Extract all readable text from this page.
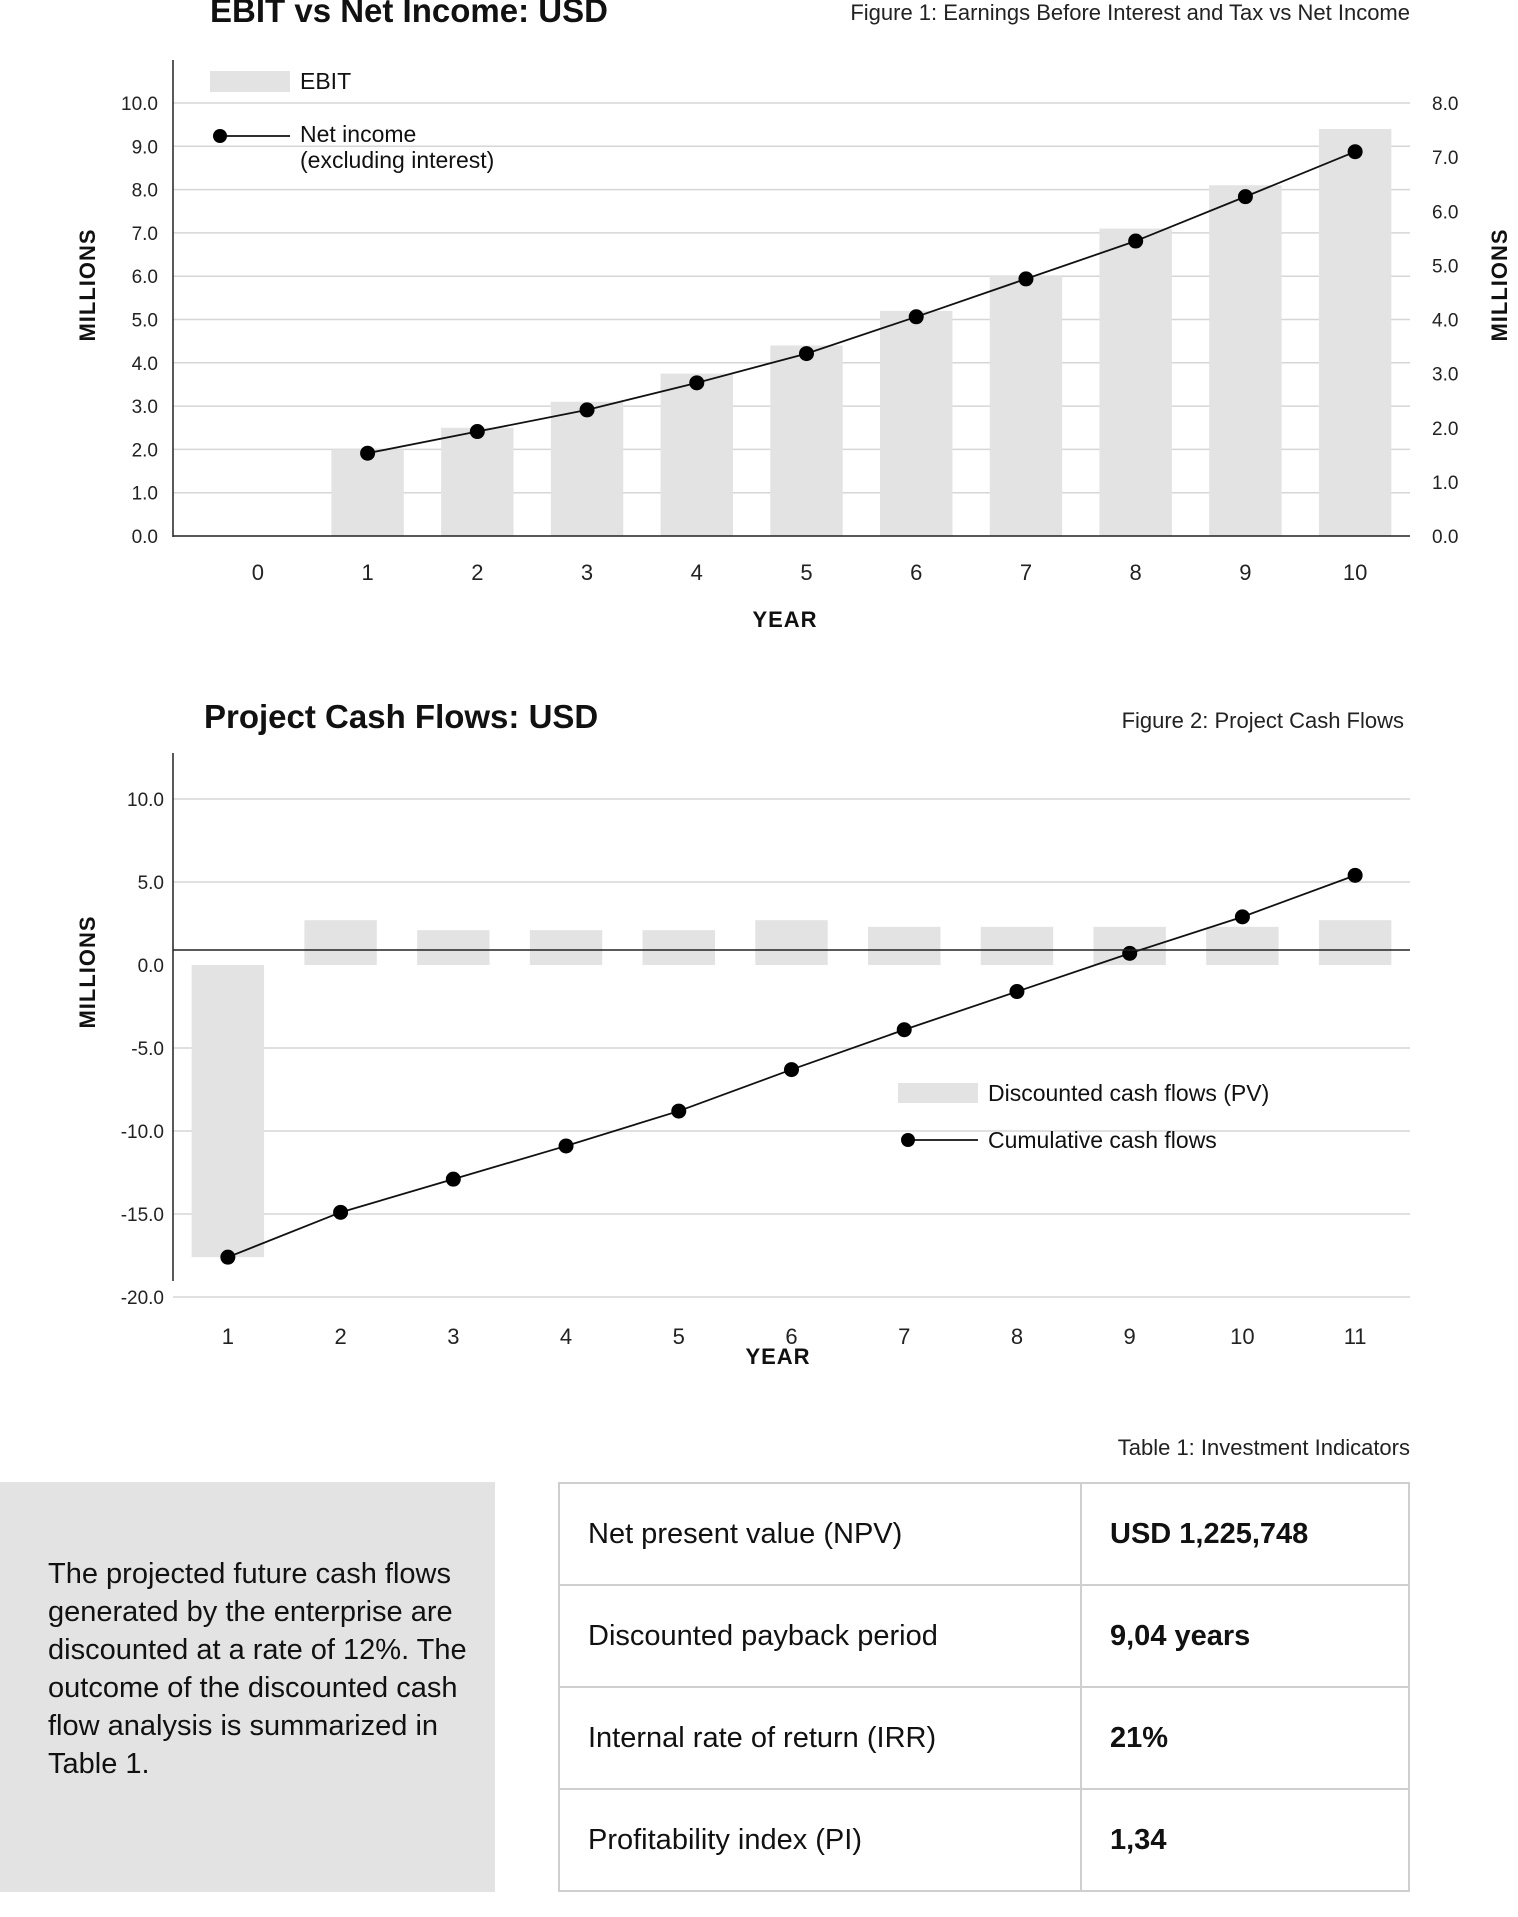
EBIT vs Net Income: USD	Figure 1: Earnings Before Interest and Tax vs Net Income
MILLIONS	MILLIONS
YEAR
0.0
1.0
2.0
3.0
4.0
5.0
6.0
7.0
8.0
9.0
10.0
0.0
1.0
2.0
3.0
4.0
5.0
6.0
7.0
8.0
0	1	2	3	4	5	6	7	8	9	10
EBIT
Net income
(excluding interest)
Project Cash Flows: USD	Figure 2: Project Cash Flows
MILLIONS
YEAR
10.0
5.0
0.0
-5.0
-10.0
-15.0
-20.0
1	2	3	4	5	6	7	8	9	10	11
Discounted cash flows (PV)
Cumulative cash flows
Table 1: Investment Indicators
The projected future cash flows generated by the enterprise are discounted at a rate of 12%. The outcome of the discounted cash flow analysis is summarized in Table 1.
Net present value (NPV)	USD 1,225,748
Discounted payback period	9,04 years
Internal rate of return (IRR)	21%
Profitability index (PI)	1,34
